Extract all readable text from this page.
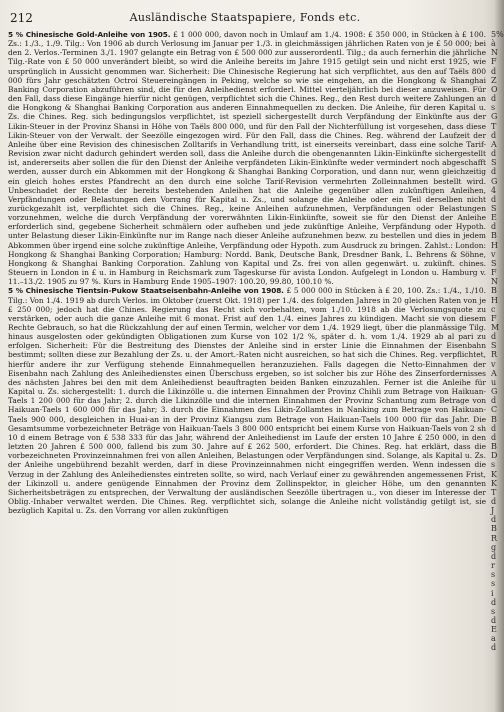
212	Ausländische Staatspapiere, Fonds etc.

5 % Chinesische Gold-Anleihe von 1905. £ 1 000 000, davon noch in Umlauf am 1./4. 1908: £ 350 000, in Stücken à £ 100. Zs.: 1./3., 1./9. Tilg.: Von 1906 ab durch Verlosung im Januar per 1./3. in gleichmässigen jährlichen Raten von je £ 50 000; bei den 2. Verlos.-Terminen 3./1. 1907 gelangte ein Betrag von £ 500 000 zur ausserordentl. Tilg.; da auch fernerhin die jährliche Tilg.-Rate von £ 50 000 unverändert bleibt, so wird die Anleihe bereits im Jahre 1915 getilgt sein und nicht erst 1925, wie ursprünglich in Aussicht genommen war. Sicherheit: Die Chinesische Regierung hat sich verpflichtet, aus den auf Taëls 800 000 fürs Jahr geschätzten Octroi Steuereingängen in Peking, welche so wie sie eingehen, an die Hongkong & Shanghai Banking Corporation abzuführen sind, die für den Anleihedienst erforderl. Mittel vierteljährlich bei dieser anzuweisen. Für den Fall, dass diese Eingänge hierfür nicht genügen, verpflichtet sich die Chines. Reg., den Rest durch weitere Zahlungen an die Hongkong & Shanghai Banking Corporation aus anderen Einnahmequellen zu decken. Die Anleihe, für deren Kapital u. Zs. die Chines. Reg. sich bedingungslos verpflichtet, ist speziell sichergestellt durch Verpfändung der Einkünfte aus der Likin-Steuer in der Provinz Shansi in Höhe von Taëls 800 000, und für den Fall der Nichterfüllung ist vorgesehen, dass diese Likin-Steuer von der Verwalt. der Seezölle eingezogen wird. Für den Fall, dass die Chines. Reg. während der Laufzeit der Anleihe über eine Revision des chinesischen Zolltarifs in Verhandlung tritt, ist einerseits vereinbart, dass eine solche Tarif-Revision zwar nicht dadurch gehindert werden soll, dass die Anleihe durch die obengenannten Likin-Einkünfte sichergestellt ist, andererseits aber sollen die für den Dienst der Anleihe verpfändeten Likin-Einkünfte weder vermindert noch abgeschafft werden, ausser durch ein Abkommen mit der Hongkong & Shanghai Banking Corporation, und dann nur, wenn gleichzeitig ein gleich hohes erstes Pfandrecht an den durch eine solche Tarif-Revision vermehrten Zolleinnahmen bestellt wird. Unbeschadet der Rechte der bereits bestehenden Anleihen hat die Anleihe gegenüber allen zukünftigen Anleihen, Verpfändungen oder Belastungen den Vorrang für Kapital u. Zs., und solange die Anleihe oder ein Teil derselben nicht zurückgezahlt ist, verpflichtet sich die Chines. Reg., keine Anleihen aufzunehmen, Verpfändungen oder Belastungen vorzunehmen, welche die durch Verpfändung der vorerwähnten Likin-Einkünfte, soweit sie für den Dienst der Anleihe erforderlich sind, gegebene Sicherheit schmälern oder aufheben und jede zukünftige Anleihe, Verpfändung oder Hypoth. unter Belastung dieser Likin-Einkünfte nur im Range nach dieser Anleihe aufzunehmen bezw. zu bestellen und dies in jedem Abkommen über irgend eine solche zukünftige Anleihe, Verpfändung oder Hypoth. zum Ausdruck zu bringen. Zahlst.: London: Hongkong & Shanghai Banking Corporation; Hamburg: Nordd. Bank, Deutsche Bank, Dresdner Bank, L. Behrens & Söhne, Hongkong & Shanghai Banking Corporation. Zahlung von Kapital und Zs. frei von allen gegenwärt. u. zukünft. chines. Steuern in London in £ u. in Hamburg in Reichsmark zum Tageskurse für avista London. Aufgelegt in London u. Hamburg v. 11.–13./2. 1905 zu 97 %. Kurs in Hamburg Ende 1905–1907: 100.20, 99.80, 100.10 %.

5 % Chinesische Tientsin-Pukow Staatseisenbahn-Anleihe von 1908. £ 5 000 000 in Stücken à £ 20, 100. Zs.: 1./4., 1./10. Tilg.: Von 1./4. 1919 ab durch Verlos. im Oktober (zuerst Okt. 1918) per 1./4. des folgenden Jahres in 20 gleichen Raten von je £ 250 000; jedoch hat die Chines. Regierung das Recht sich vorbehalten, vom 1./10. 1918 ab die Verlosungsquote zu verstärken, oder auch die ganze Anleihe mit 6 monat. Frist auf den 1./4. eines Jahres zu kündigen. Macht sie von diesem Rechte Gebrauch, so hat die Rückzahlung der auf einen Termin, welcher vor dem 1./4. 1929 liegt, über die planmässige Tilg. hinaus ausgelosten oder gekündigten Obligationen zum Kurse von 102 1/2 %, später d. h. vom 1./4. 1929 ab al pari zu erfolgen. Sicherheit: Für die Bestreitung des Dienstes der Anleihe sind in erster Linie die Einnahmen der Eisenbahn bestimmt; sollten diese zur Bezahlung der Zs. u. der Amort.-Raten nicht ausreichen, so hat sich die Chines. Reg. verpflichtet, hierfür andere ihr zur Verfügung stehende Einnahmequellen heranzuziehen. Falls dagegen die Netto-Einnahmen der Eisenbahn nach Zahlung des Anleihedienstes einen Überschuss ergeben, so ist solcher bis zur Höhe des Zinserfordernisses des nächsten Jahres bei den mit dem Anleihedienst beauftragten beiden Banken einzuzahlen. Ferner ist die Anleihe für Kapital u. Zs. sichergestellt: 1. durch die Likinzölle u. die internen Einnahmen der Provinz Chihli zum Betrage von Haikuan-Taels 1 200 000 für das Jahr; 2. durch die Likinzölle und die internen Einnahmen der Provinz Schantung zum Betrage von Haikuan-Taels 1 600 000 für das Jahr; 3. durch die Einnahmen des Likin-Zollamtes in Nanking zum Betrage von Haikuan-Taels 900 000, desgleichen in Huai-an in der Provinz Kiangsu zum Betrage von Haikuan-Taels 100 000 für das Jahr. Die Gesamtsumme vorbezeichneter Beträge von Haikuan-Taels 3 800 000 entspricht bei einem Kurse von Haikuan-Taels von 2 sh 10 d einem Betrage von £ 538 333 für das Jahr, während der Anleihedienst im Laufe der ersten 10 Jahre £ 250 000, in den letzten 20 Jahren £ 500 000, fallend bis zum 30. Jahre auf £ 262 500, erfordert. Die Chines. Reg. hat erklärt, dass die vorbezeichneten Provinzeinnahmen frei von allen Anleihen, Belastungen oder Verpfändungen sind. Solange, als Kapital u. Zs. der Anleihe ungebührend bezahlt werden, darf in diese Provinzeinnahmen nicht eingegriffen werden. Wenn indessen die Verzug in der Zahlung des Anleihedienstes eintreten sollte, so wird, nach Verlauf einer zu gewährenden angemessenen Frist, der Likinzoll u. andere genügende Einnahmen der Provinz dem Zollinspektor, in gleicher Höhe, um den genannten Sicherheitsbeträgen zu entsprechen, der Verwaltung der ausländischen Seezölle übertragen u., von dieser im Interesse der Oblig.-Inhaber verwaltet werden. Die Chines. Reg. verpflichtet sich, solange die Anleihe nicht vollständig getilgt ist, sie bezüglich Kapital u. Zs. den Vorrang vor allen zukünftigen

5%
à
N
F
d
Z
O
d
s
G
T
d
A
d
S
d
G
4
d
S
E
d
B
H
v
S
F
N
B
H
c
F
M
d
S
R
v
A
u
G
d
C
B
d
d
B
D
s
K
K
T
d
J
d
B
R
g
d
r
s
s
i
d
s
d
E
a
d
